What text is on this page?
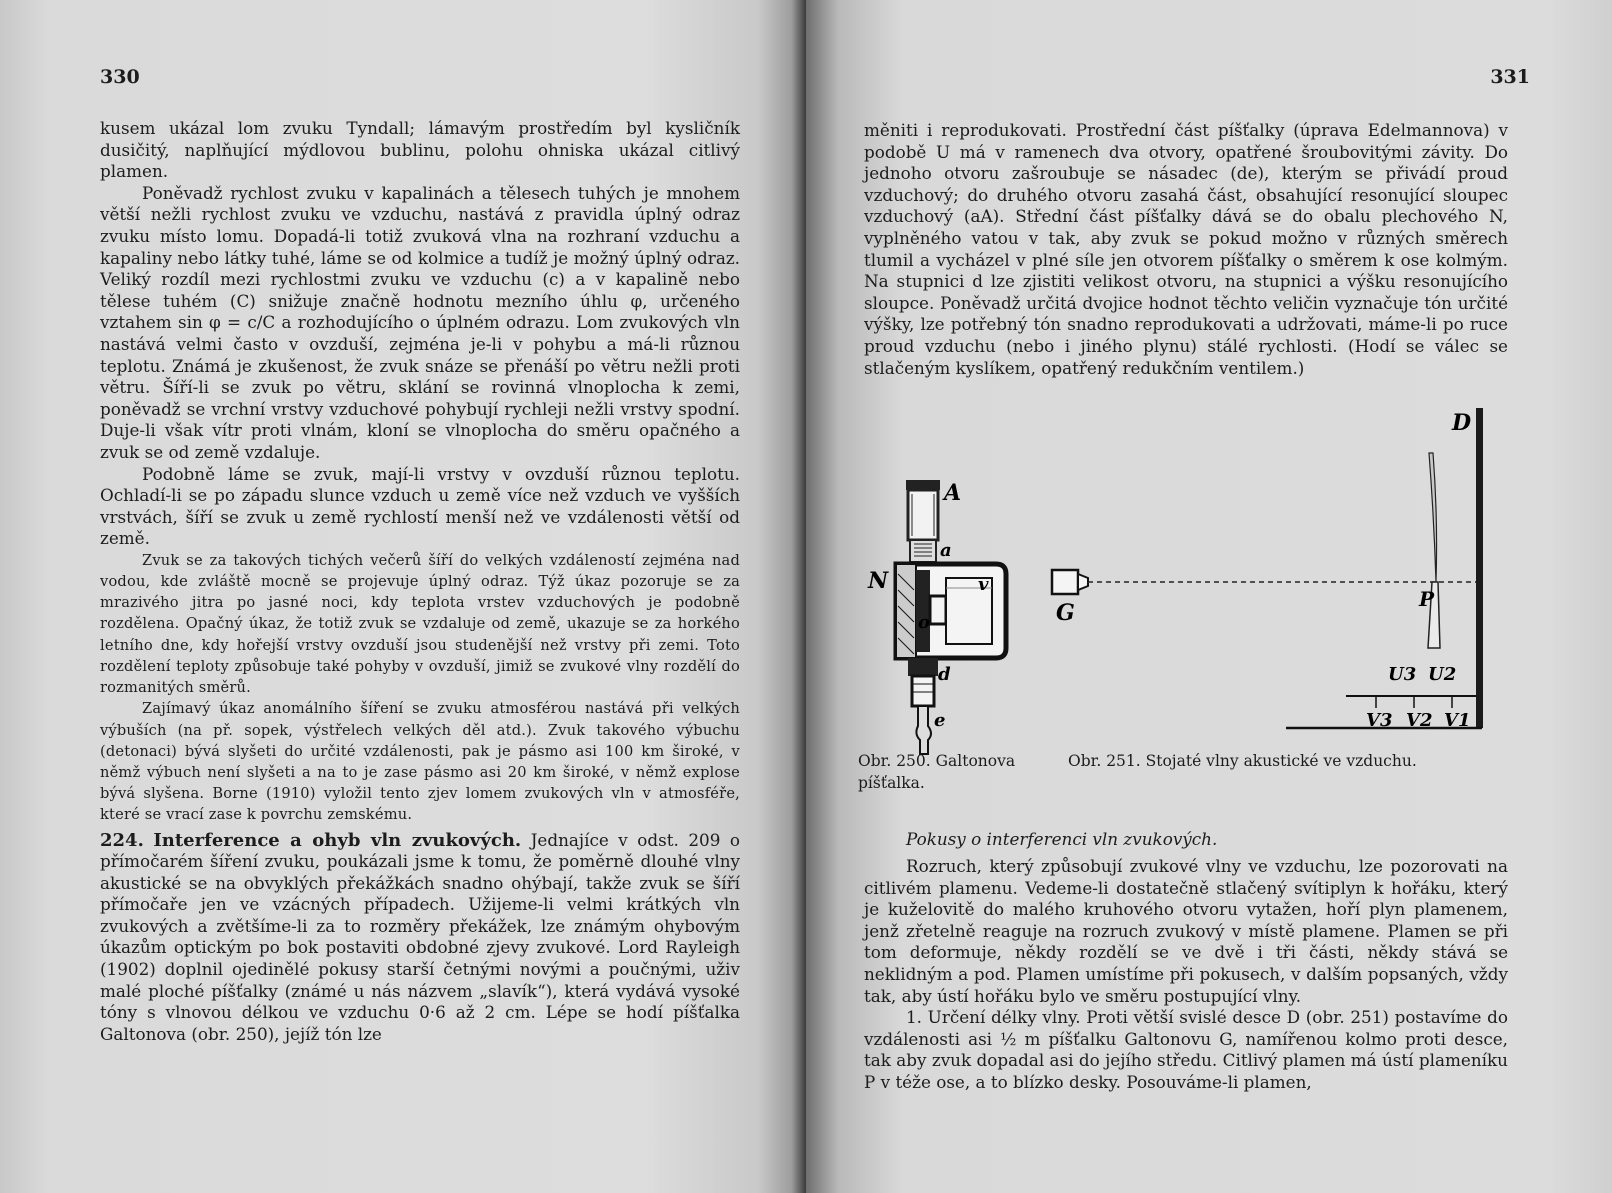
330

kusem ukázal lom zvuku Tyndall; lámavým prostředím byl kysličník dusičitý, naplňující mýdlovou bublinu, polohu ohniska ukázal citlivý plamen.

Poněvadž rychlost zvuku v kapalinách a tělesech tuhých je mnohem větší nežli rychlost zvuku ve vzduchu, nastává z pravidla úplný odraz zvuku místo lomu. Dopadá-li totiž zvuková vlna na rozhraní vzduchu a kapaliny nebo látky tuhé, láme se od kolmice a tudíž je možný úplný odraz. Veliký rozdíl mezi rychlostmi zvuku ve vzduchu (c) a v kapalině nebo tělese tuhém (C) snižuje značně hodnotu mezního úhlu φ, určeného vztahem sin φ = c/C a rozhodujícího o úplném odrazu. Lom zvukových vln nastává velmi často v ovzduší, zejména je-li v pohybu a má-li různou teplotu. Známá je zkušenost, že zvuk snáze se přenáší po větru nežli proti větru. Šíří-li se zvuk po větru, sklání se rovinná vlnoplocha k zemi, poněvadž se vrchní vrstvy vzduchové pohybují rychleji nežli vrstvy spodní. Duje-li však vítr proti vlnám, kloní se vlnoplocha do směru opačného a zvuk se od země vzdaluje.

Podobně láme se zvuk, mají-li vrstvy v ovzduší různou teplotu. Ochladí-li se po západu slunce vzduch u země více než vzduch ve vyšších vrstvách, šíří se zvuk u země rychlostí menší než ve vzdálenosti větší od země.

Zvuk se za takových tichých večerů šíří do velkých vzdáleností zejména nad vodou, kde zvláště mocně se projevuje úplný odraz. Týž úkaz pozoruje se za mrazivého jitra po jasné noci, kdy teplota vrstev vzduchových je podobně rozdělena. Opačný úkaz, že totiž zvuk se vzdaluje od země, ukazuje se za horkého letního dne, kdy hořejší vrstvy ovzduší jsou studenější než vrstvy při zemi. Toto rozdělení teploty způsobuje také pohyby v ovzduší, jimiž se zvukové vlny rozdělí do rozmanitých směrů.

Zajímavý úkaz anomálního šíření se zvuku atmosférou nastává při velkých výbuších (na př. sopek, výstřelech velkých děl atd.). Zvuk takového výbuchu (detonaci) bývá slyšeti do určité vzdálenosti, pak je pásmo asi 100 km široké, v němž výbuch není slyšeti a na to je zase pásmo asi 20 km široké, v němž explose bývá slyšena. Borne (1910) vyložil tento zjev lomem zvukových vln v atmosféře, které se vrací zase k povrchu zemskému.

224. Interference a ohyb vln zvukových. Jednajíce v odst. 209 o přímočarém šíření zvuku, poukázali jsme k tomu, že poměrně dlouhé vlny akustické se na obvyklých překážkách snadno ohýbají, takže zvuk se šíří přímočaře jen ve vzácných případech. Užijeme-li velmi krátkých vln zvukových a zvětšíme-li za to rozměry překážek, lze známým ohybovým úkazům optickým po bok postaviti obdobné zjevy zvukové. Lord Rayleigh (1902) doplnil ojedinělé pokusy starší četnými novými a poučnými, uživ malé ploché píšťalky (známé u nás názvem „slavík“), která vydává vysoké tóny s vlnovou délkou ve vzduchu 0·6 až 2 cm. Lépe se hodí píšťalka Galtonova (obr. 250), jejíž tón lze

331

měniti i reprodukovati. Prostřední část píšťalky (úprava Edelmannova) v podobě U má v ramenech dva otvory, opatřené šroubovitými závity. Do jednoho otvoru zašroubuje se násadec (de), kterým se přivádí proud vzduchový; do druhého otvoru zasahá část, obsahující resonující sloupec vzduchový (aA). Střední část píšťalky dává se do obalu plechového N, vyplněného vatou v tak, aby zvuk se pokud možno v různých směrech tlumil a vycházel v plné síle jen otvorem píšťalky o směrem k ose kolmým. Na stupnici d lze zjistiti velikost otvoru, na stupnici a výšku resonujícího sloupce. Poněvadž určitá dvojice hodnot těchto veličin vyznačuje tón určité výšky, lze potřebný tón snadno reprodukovati a udržovati, máme-li po ruce proud vzduchu (nebo i jiného plynu) stálé rychlosti. (Hodí se válec se stlačeným kyslíkem, opatřený redukčním ventilem.)

A
a
N	v
o
d
e
D
G
P
U3 U2
V3 V2 V1

Obr. 250. Galtonova píšťalka.

Obr. 251. Stojaté vlny akustické ve vzduchu.

Pokusy o interferenci vln zvukových.

Rozruch, který způsobují zvukové vlny ve vzduchu, lze pozorovati na citlivém plamenu. Vedeme-li dostatečně stlačený svítiplyn k hořáku, který je kuželovitě do malého kruhového otvoru vytažen, hoří plyn plamenem, jenž zřetelně reaguje na rozruch zvukový v místě plamene. Plamen se při tom deformuje, někdy rozdělí se ve dvě i tři části, někdy stává se neklidným a pod. Plamen umístíme při pokusech, v dalším popsaných, vždy tak, aby ústí hořáku bylo ve směru postupující vlny.

1. Určení délky vlny. Proti větší svislé desce D (obr. 251) postavíme do vzdálenosti asi ½ m píšťalku Galtonovu G, namířenou kolmo proti desce, tak aby zvuk dopadal asi do jejího středu. Citlivý plamen má ústí plameníku P v téže ose, a to blízko desky. Posouváme-li plamen,
